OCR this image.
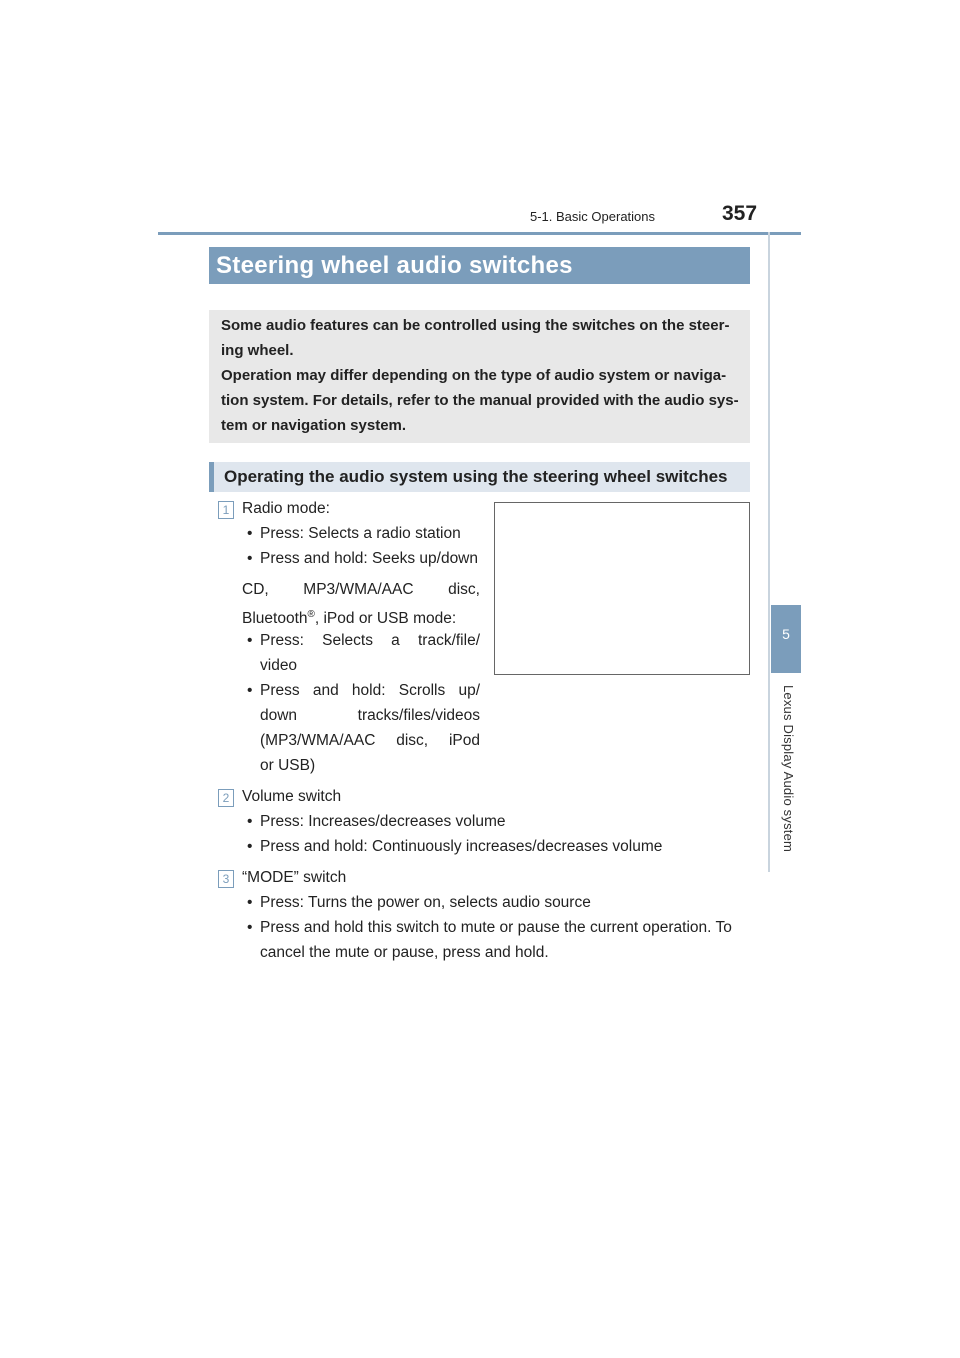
5-1. Basic Operations	357
5
Lexus Display Audio system
Steering wheel audio switches

Some audio features can be controlled using the switches on the steer-

ing wheel.

Operation may differ depending on the type of audio system or naviga-

tion system. For details, refer to the manual provided with the audio sys-

tem or navigation system.

Operating the audio system using the steering wheel switches
1 Radio mode:
• Press: Selects a radio station
• Press and hold: Seeks up/down
CD, MP3/WMA/AAC disc,
Bluetooth®, iPod or USB mode:
• Press: Selects a track/file/
video
• Press and hold: Scrolls up/
down tracks/files/videos
(MP3/WMA/AAC disc, iPod
or USB)
2 Volume switch
• Press: Increases/decreases volume
• Press and hold: Continuously increases/decreases volume
3 “MODE” switch
• Press: Turns the power on, selects audio source
• Press and hold this switch to mute or pause the current operation. To
cancel the mute or pause, press and hold.
